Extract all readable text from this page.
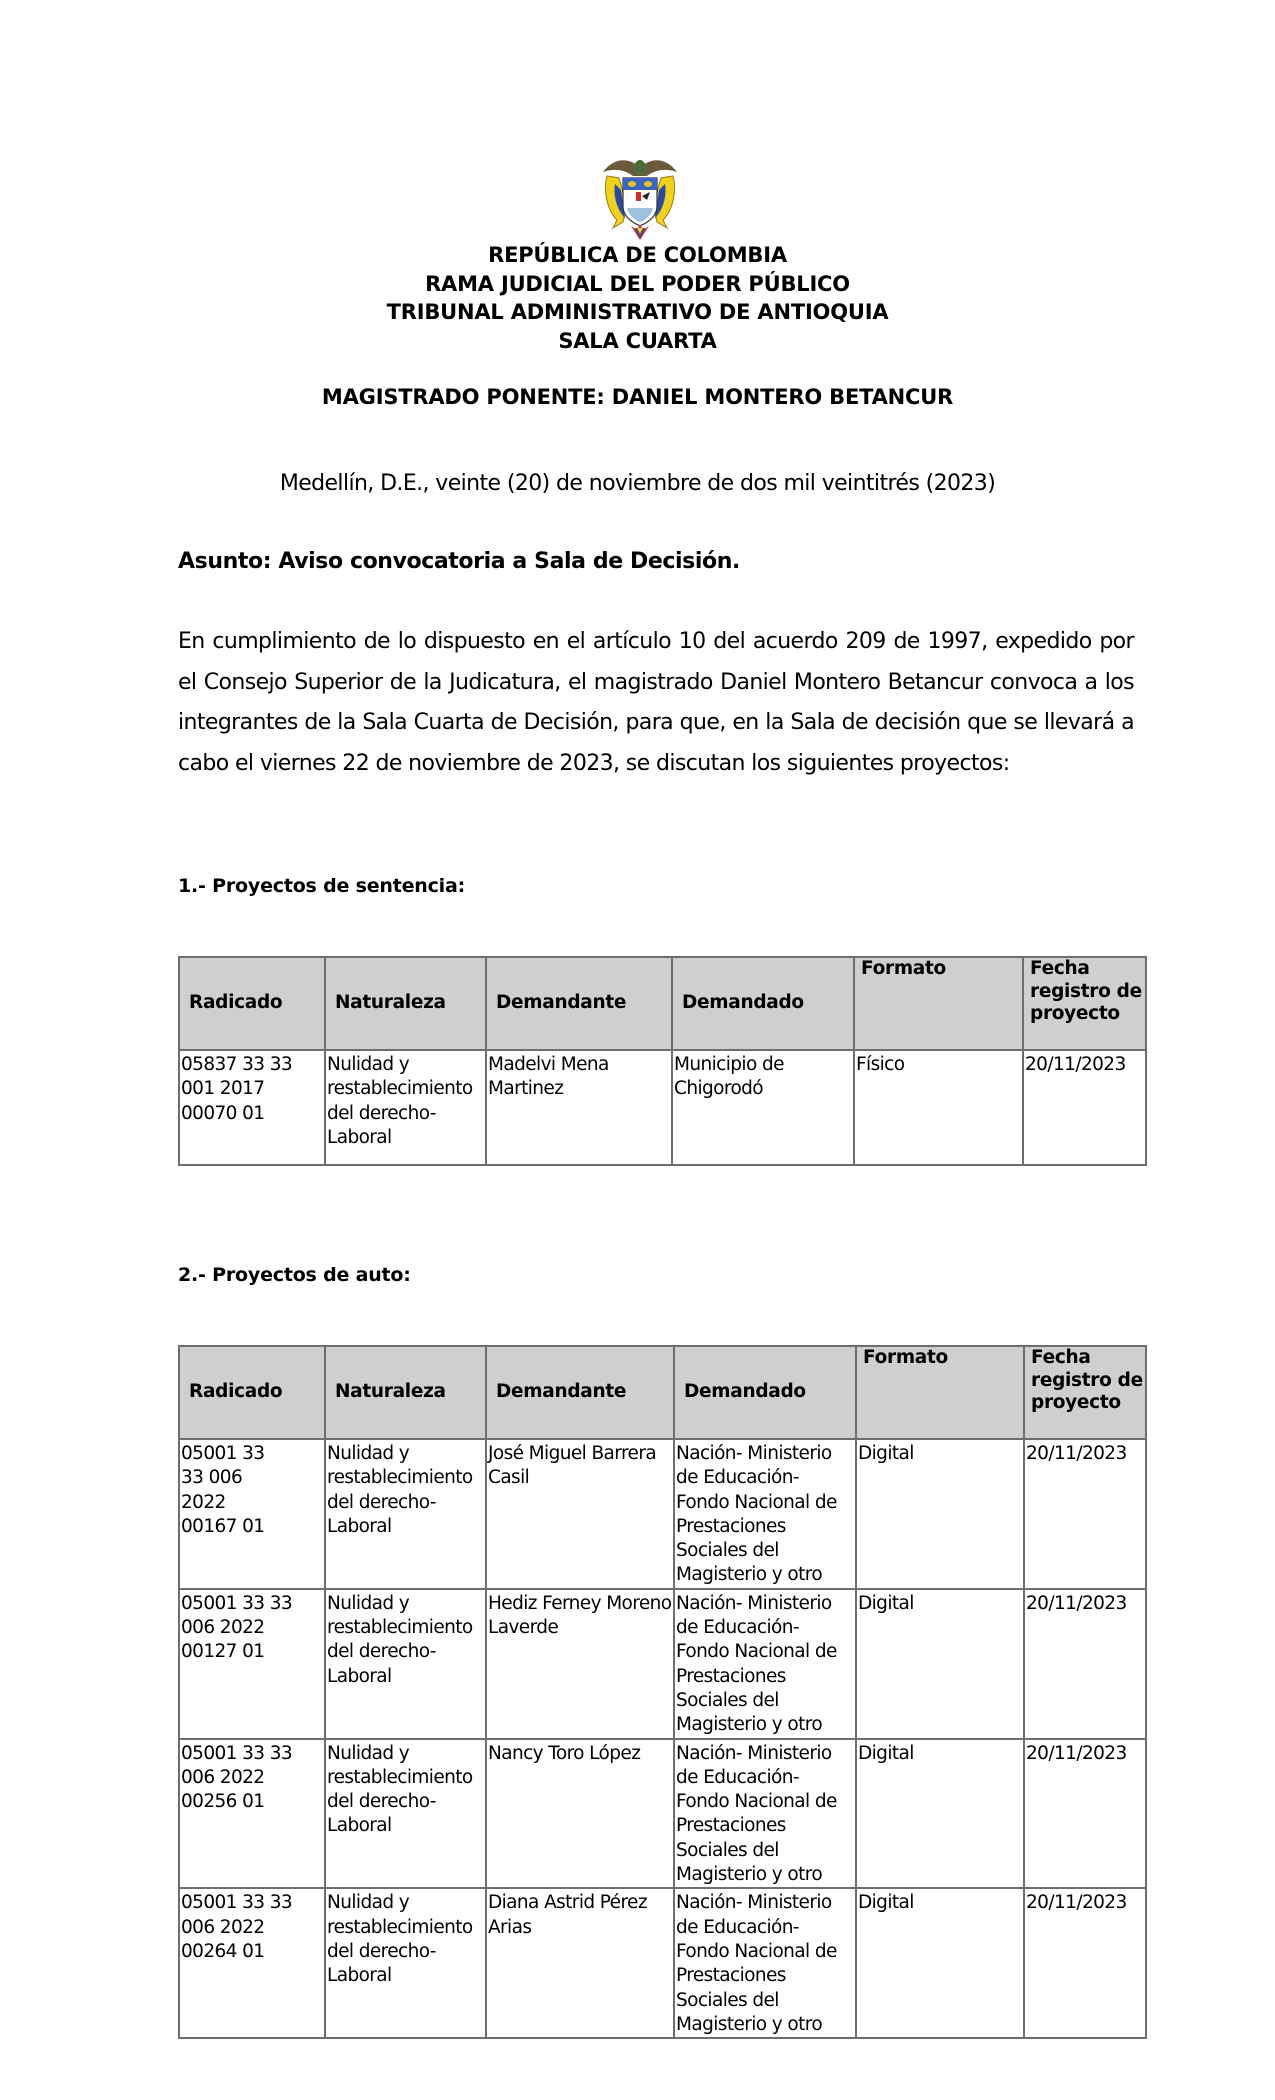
REPÚBLICA DE COLOMBIA
RAMA JUDICIAL DEL PODER PÚBLICO
TRIBUNAL ADMINISTRATIVO DE ANTIOQUIA
SALA CUARTA
MAGISTRADO PONENTE: DANIEL MONTERO BETANCUR
Medellín, D.E., veinte (20) de noviembre de dos mil veintitrés (2023)
Asunto: Aviso convocatoria a Sala de Decisión.
En cumplimiento de lo dispuesto en el artículo 10 del acuerdo 209 de 1997, expedido por el Consejo Superior de la Judicatura, el magistrado Daniel Montero Betancur convoca a los integrantes de la Sala Cuarta de Decisión, para que, en la Sala de decisión que se llevará a cabo el viernes 22 de noviembre de 2023, se discutan los siguientes proyectos:
1.- Proyectos de sentencia:
Radicado	Naturaleza	Demandante	Demandado	Formato	Fecha registro de proyecto
05837 33 33 001 2017 00070 01	Nulidad y restablecimiento del derecho-Laboral	Madelvi Mena Martinez	Municipio de Chigorodó	Físico	20/11/2023
2.- Proyectos de auto:
Radicado	Naturaleza	Demandante	Demandado	Formato	Fecha registro de proyecto
05001 33 33 006 2022 00167 01	Nulidad y restablecimiento del derecho-Laboral	José Miguel Barrera Casil	Nación- Ministerio de Educación- Fondo Nacional de Prestaciones Sociales del Magisterio y otro	Digital	20/11/2023
05001 33 33 006 2022 00127 01	Nulidad y restablecimiento del derecho-Laboral	Hediz Ferney Moreno Laverde	Nación- Ministerio de Educación- Fondo Nacional de Prestaciones Sociales del Magisterio y otro	Digital	20/11/2023
05001 33 33 006 2022 00256 01	Nulidad y restablecimiento del derecho-Laboral	Nancy Toro López	Nación- Ministerio de Educación- Fondo Nacional de Prestaciones Sociales del Magisterio y otro	Digital	20/11/2023
05001 33 33 006 2022 00264 01	Nulidad y restablecimiento del derecho-Laboral	Diana Astrid Pérez Arias	Nación- Ministerio de Educación- Fondo Nacional de Prestaciones Sociales del Magisterio y otro	Digital	20/11/2023
